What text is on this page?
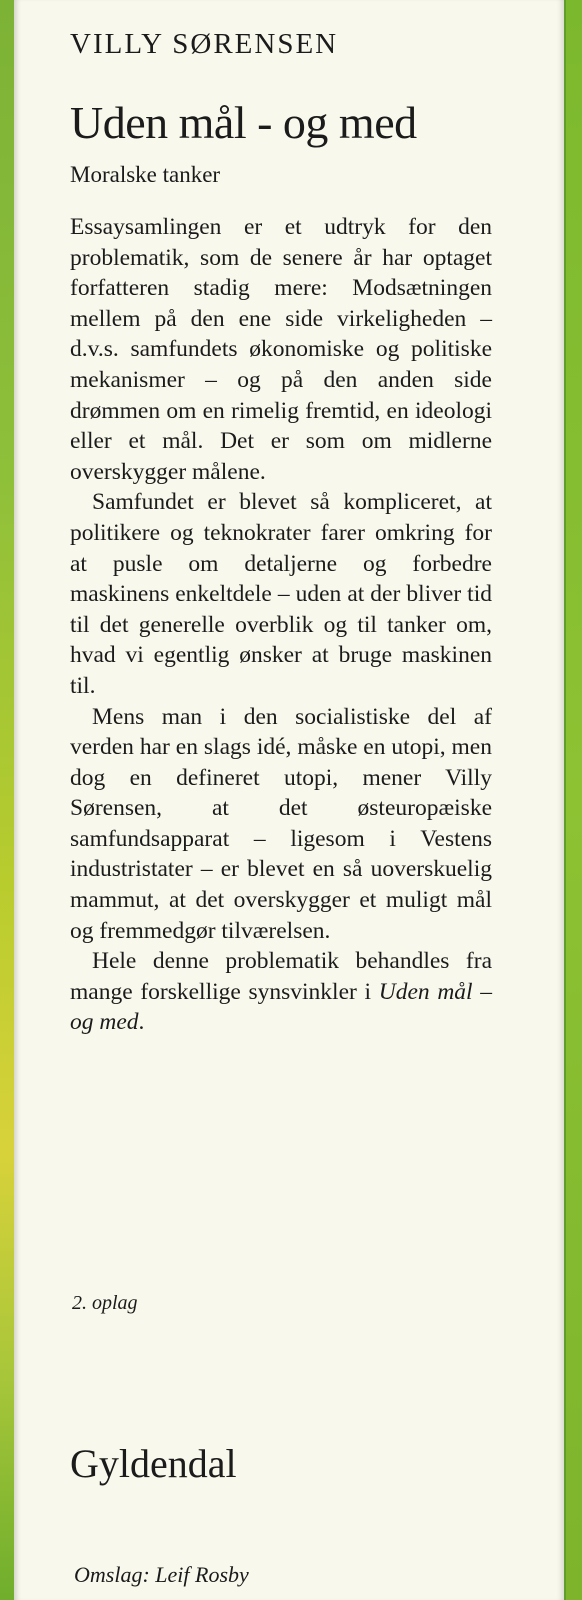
VILLY SØRENSEN
Uden mål - og med
Moralske tanker

Essaysamlingen er et udtryk for den problematik, som de senere år har optaget forfatteren stadig mere: Modsætningen mellem på den ene side virkeligheden – d.v.s. samfundets økonomiske og politiske mekanismer – og på den anden side drømmen om en rimelig fremtid, en ideologi eller et mål. Det er som om midlerne overskygger målene.

Samfundet er blevet så kompliceret, at politikere og teknokrater farer omkring for at pusle om detaljerne og forbedre maskinens enkeltdele – uden at der bliver tid til det generelle overblik og til tanker om, hvad vi egentlig ønsker at bruge maskinen til.

Mens man i den socialistiske del af verden har en slags idé, måske en utopi, men dog en defineret utopi, mener Villy Sørensen, at det østeuropæiske samfundsapparat – ligesom i Vestens industristater – er blevet en så uoverskuelig mammut, at det overskygger et muligt mål og fremmedgør tilværelsen.

Hele denne problematik behandles fra mange forskellige synsvinkler i Uden mål – og med.

2. oplag
Gyldendal
Omslag: Leif Rosby
